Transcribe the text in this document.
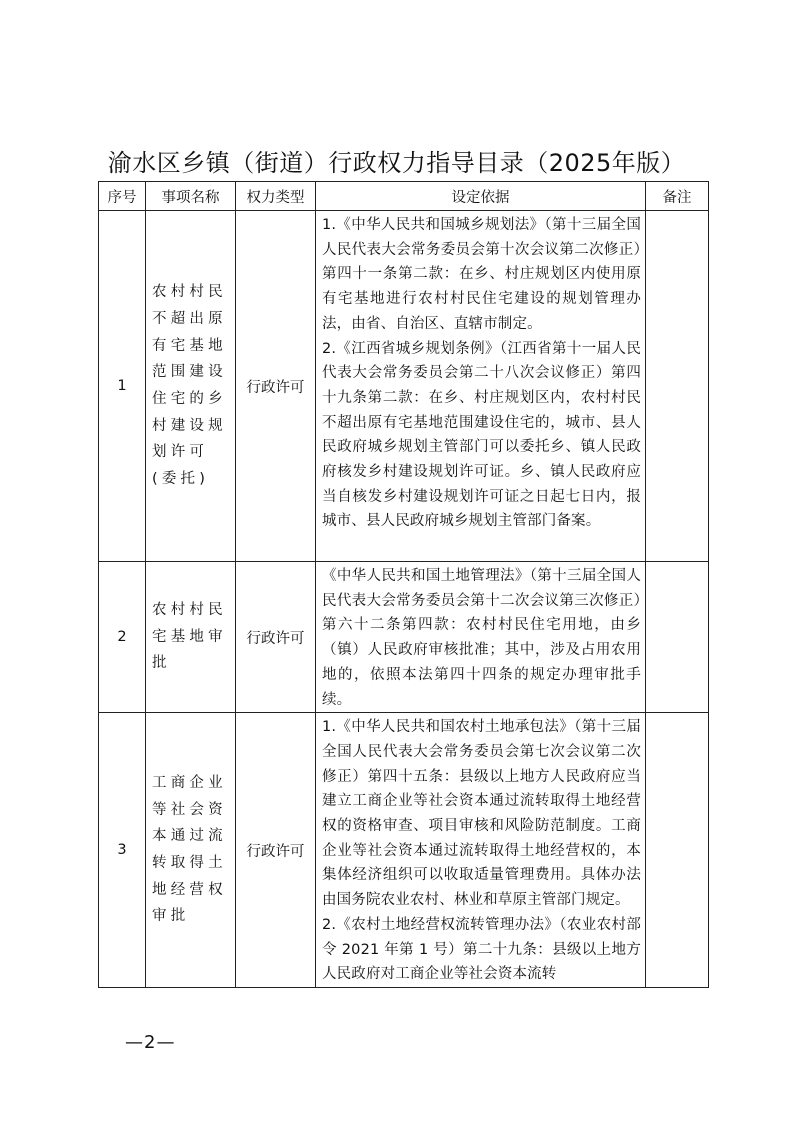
渝水区乡镇（街道）行政权力指导目录（2025年版）
序号	事项名称	权力类型	设定依据	备注
1	农村村民不超出原有宅基地范围建设住宅的乡村建设规划许可(委托)	行政许可	1.《中华人民共和国城乡规划法》（第十三届全国人民代表大会常务委员会第十次会议第二次修正）第四十一条第二款：在乡、村庄规划区内使用原有宅基地进行农村村民住宅建设的规划管理办法，由省、自治区、直辖市制定。
2.《江西省城乡规划条例》（江西省第十一届人民代表大会常务委员会第二十八次会议修正）第四十九条第二款：在乡、村庄规划区内，农村村民不超出原有宅基地范围建设住宅的，城市、县人民政府城乡规划主管部门可以委托乡、镇人民政府核发乡村建设规划许可证。乡、镇人民政府应当自核发乡村建设规划许可证之日起七日内，报城市、县人民政府城乡规划主管部门备案。	

2	农村村民宅基地审批	行政许可	《中华人民共和国土地管理法》（第十三届全国人民代表大会常务委员会第十二次会议第三次修正）第六十二条第四款：农村村民住宅用地，由乡（镇）人民政府审核批准；其中，涉及占用农用地的，依照本法第四十四条的规定办理审批手续。	

3	工商企业等社会资本通过流转取得土地经营权审批	行政许可	1.《中华人民共和国农村土地承包法》（第十三届全国人民代表大会常务委员会第七次会议第二次修正）第四十五条：县级以上地方人民政府应当建立工商企业等社会资本通过流转取得土地经营权的资格审查、项目审核和风险防范制度。工商企业等社会资本通过流转取得土地经营权的，本集体经济组织可以收取适量管理费用。具体办法由国务院农业农村、林业和草原主管部门规定。
2.《农村土地经营权流转管理办法》（农业农村部令 2021 年第 1 号）第二十九条：县级以上地方人民政府对工商企业等社会资本流转	

—2—
